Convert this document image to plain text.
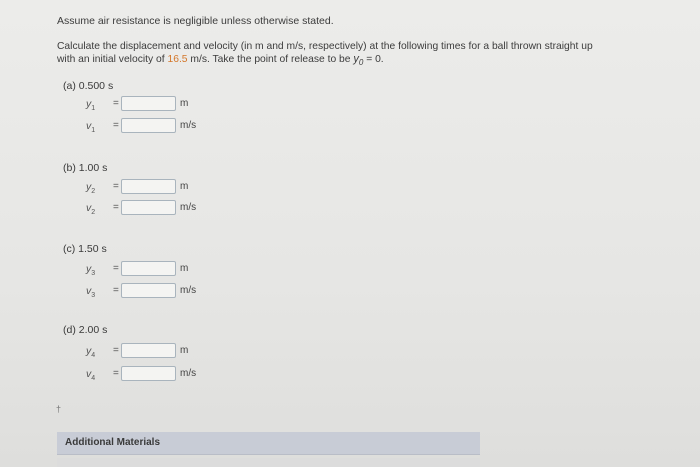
Assume air resistance is negligible unless otherwise stated.
Calculate the displacement and velocity (in m and m/s, respectively) at the following times for a ball thrown straight up
with an initial velocity of 16.5 m/s. Take the point of release to be $y_0 = 0$.
(a) 0.500 s
$y_1$	=	m
$v_1$	=	m/s
(b) 1.00 s
$y_2$	=	m
$v_2$	=	m/s
(c) 1.50 s
$y_3$	=	m
$v_3$	=	m/s
(d) 2.00 s
$y_4$	=	m
$v_4$	=	m/s
†
Additional Materials
